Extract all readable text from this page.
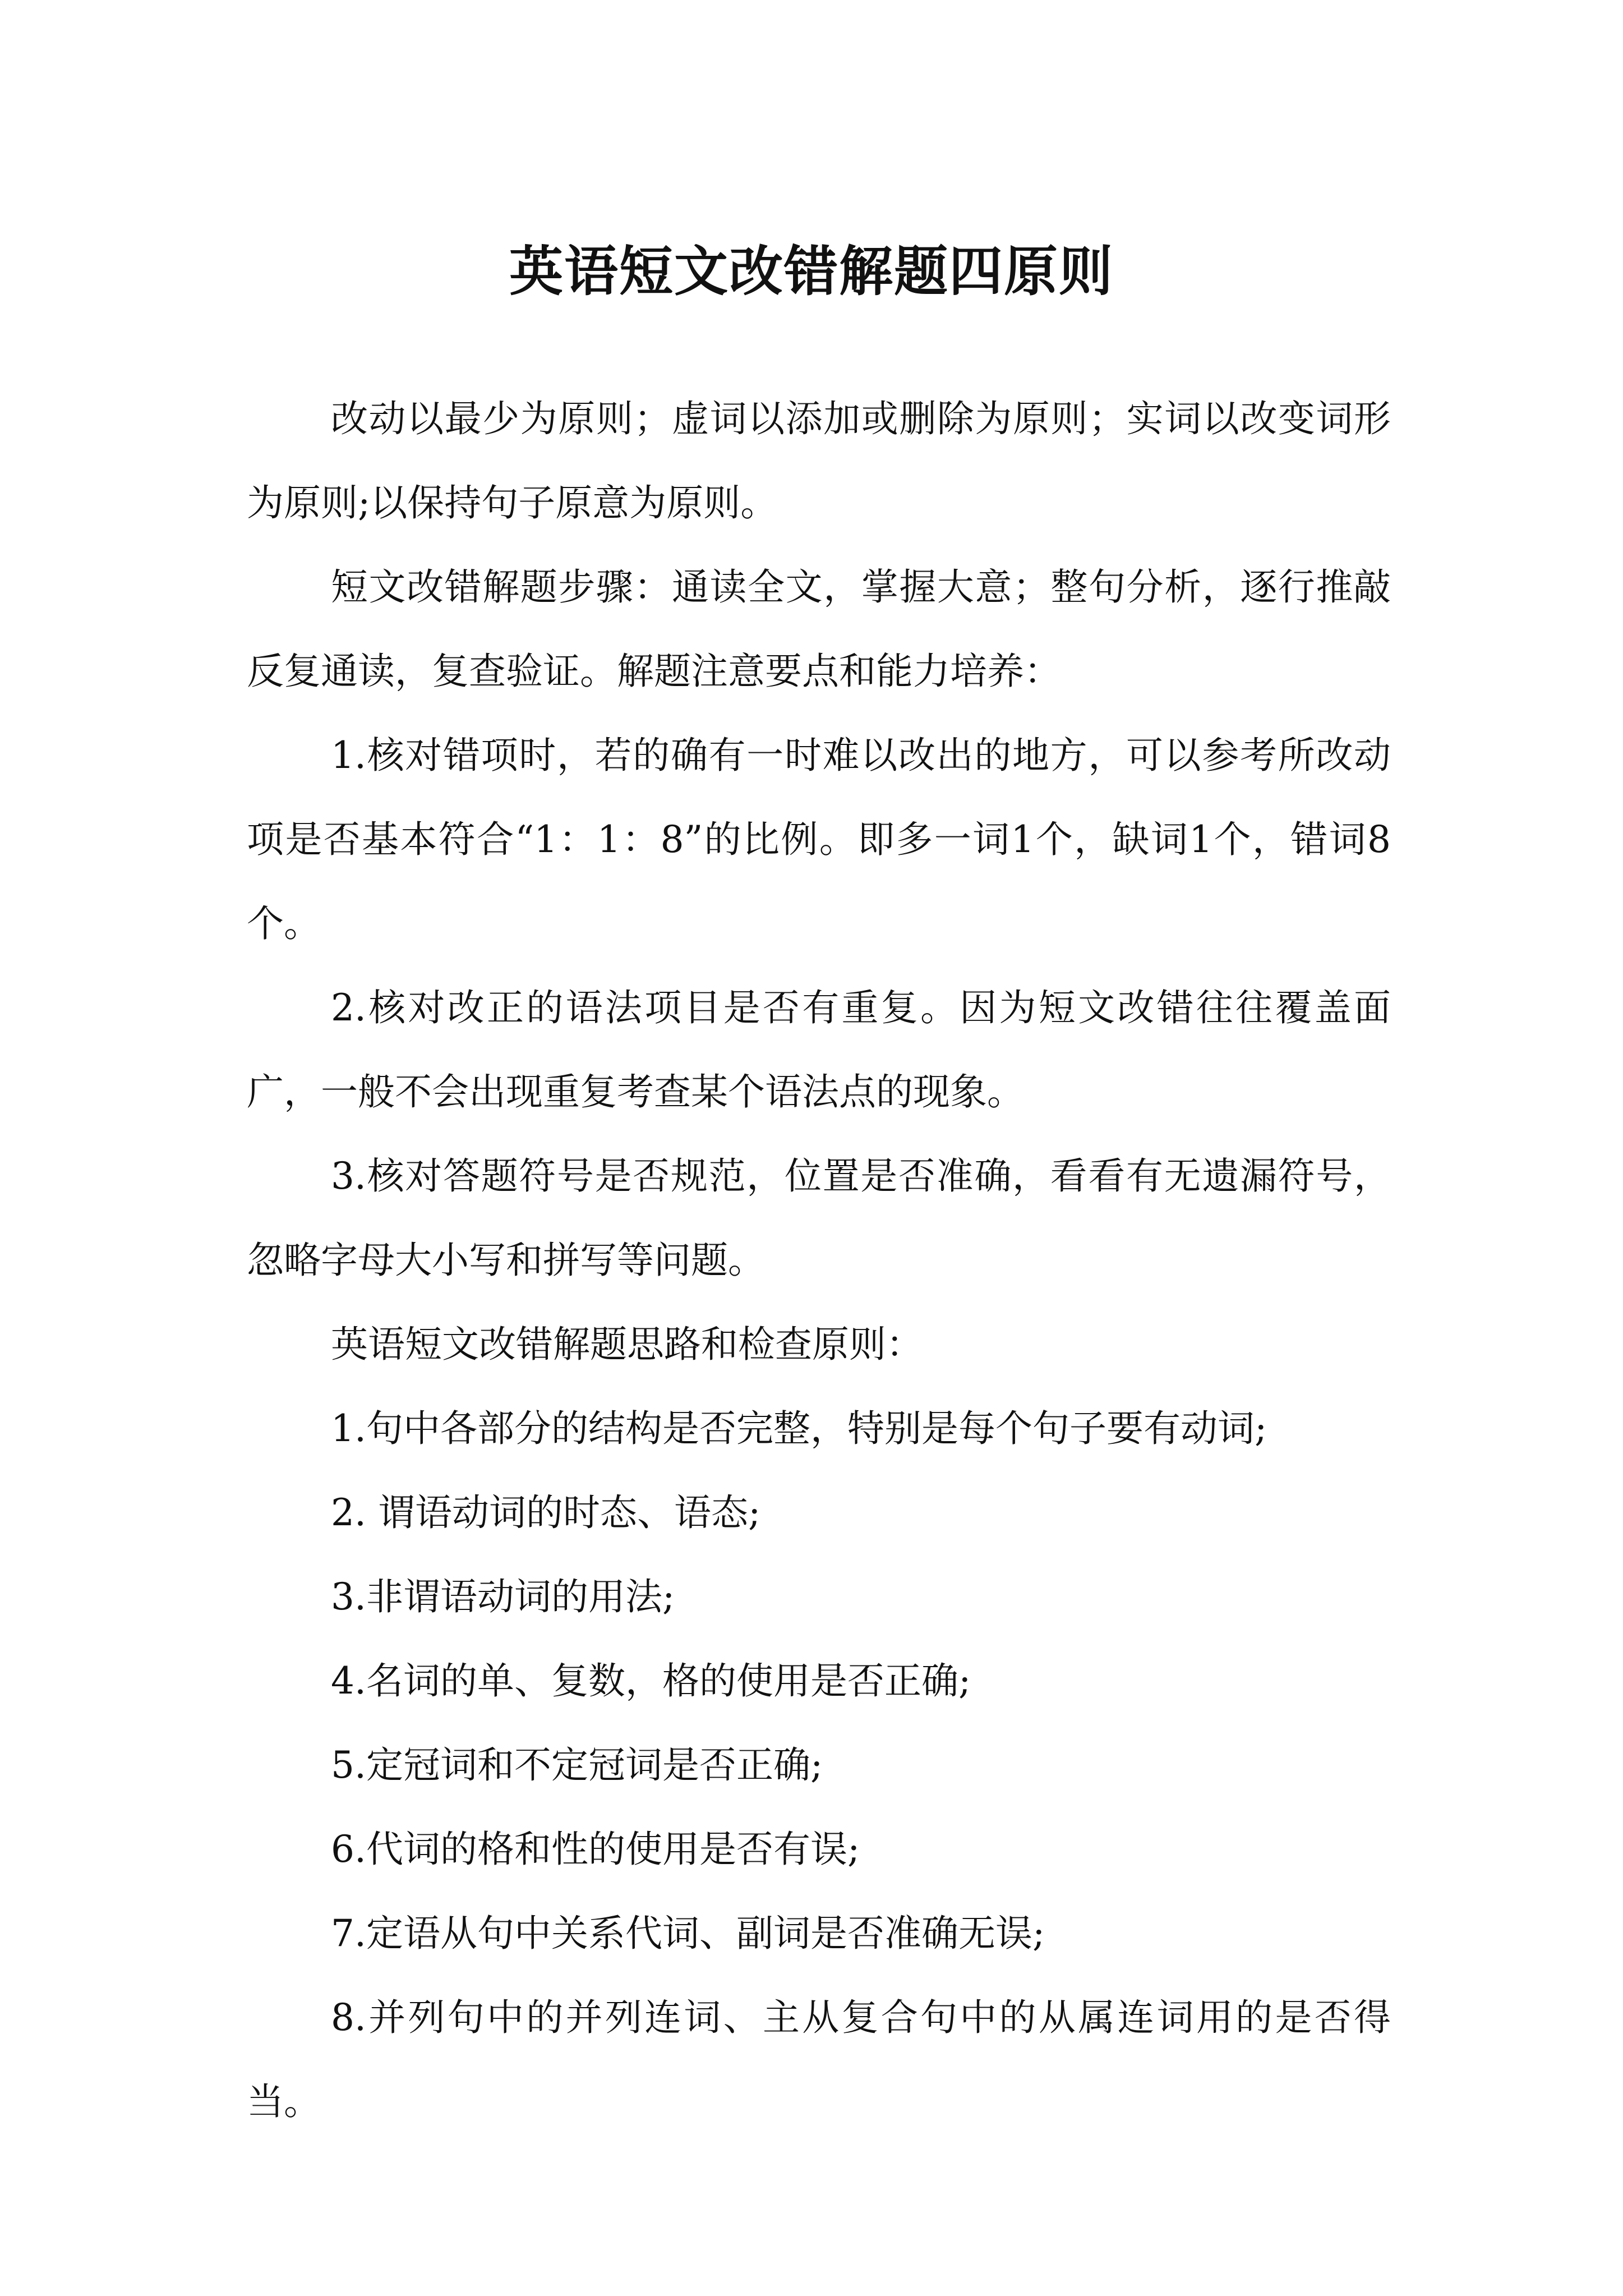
英语短文改错解题四原则

改动以最少为原则；虚词以添加或删除为原则；实词以改变词形为原则;以保持句子原意为原则。

短文改错解题步骤：通读全文，掌握大意；整句分析，逐行推敲反复通读，复查验证。解题注意要点和能力培养：

1.核对错项时，若的确有一时难以改出的地方，可以参考所改动项是否基本符合“1：1：8”的比例。即多一词1个，缺词1个，错词8个。

2.核对改正的语法项目是否有重复。因为短文改错往往覆盖面广，一般不会出现重复考查某个语法点的现象。

3.核对答题符号是否规范，位置是否准确，看看有无遗漏符号，忽略字母大小写和拼写等问题。

英语短文改错解题思路和检查原则：

1.句中各部分的结构是否完整，特别是每个句子要有动词;

2. 谓语动词的时态、语态;

3.非谓语动词的用法;

4.名词的单、复数，格的使用是否正确;

5.定冠词和不定冠词是否正确;

6.代词的格和性的使用是否有误;

7.定语从句中关系代词、副词是否准确无误;

8.并列句中的并列连词、主从复合句中的从属连词用的是否得当。
